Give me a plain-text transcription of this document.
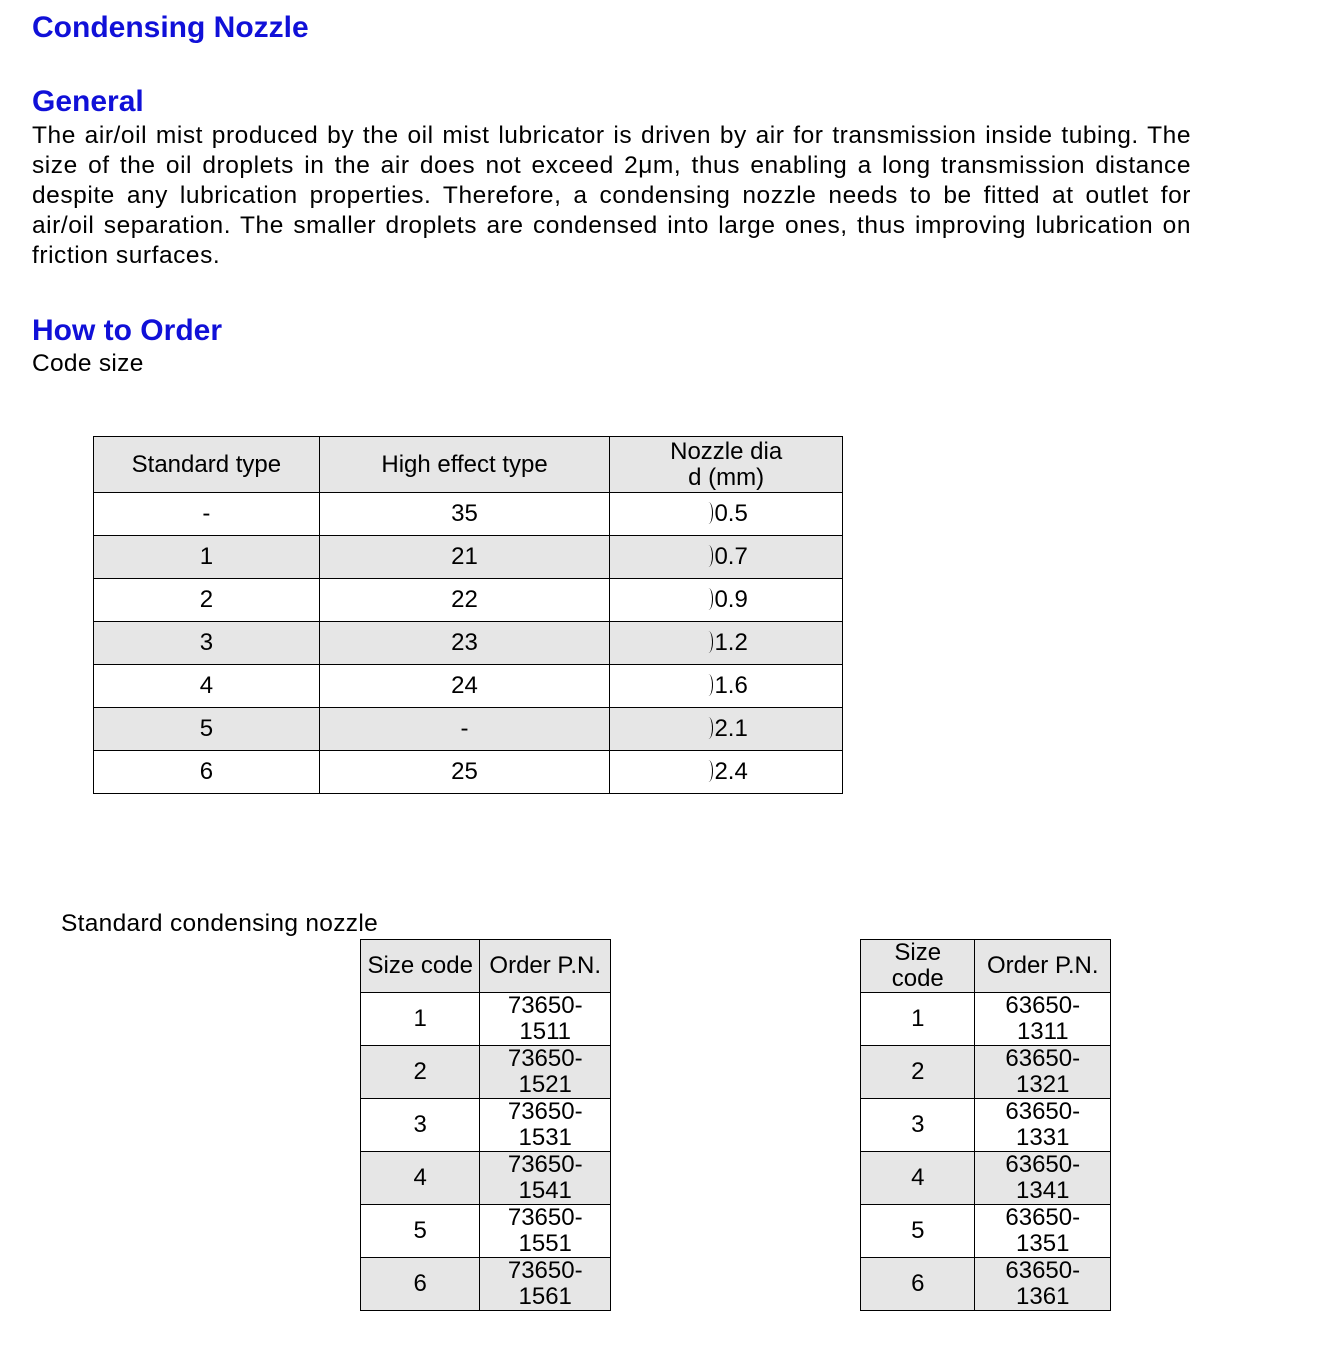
Condensing Nozzle
General

The air/oil mist produced by the oil mist lubricator is driven by air for transmission inside tubing. The size of the oil droplets in the air does not exceed 2μm, thus enabling a long transmission distance despite any lubrication properties. Therefore, a condensing nozzle needs to be fitted at outlet for air/oil separation. The smaller droplets are condensed into large ones, thus improving lubrication on friction surfaces.

How to Order
Code size
Standard type	High effect type	Nozzle dia
d (mm)
-	35	0.5
1	21	0.7
2	22	0.9
3	23	1.2
4	24	1.6
5	-	2.1
6	25	2.4
Standard condensing nozzle
Size code	Order P.N.
1	73650-
1511
2	73650-
1521
3	73650-
1531
4	73650-
1541
5	73650-
1551
6	73650-
1561
Size
code	Order P.N.
1	63650-
1311
2	63650-
1321
3	63650-
1331
4	63650-
1341
5	63650-
1351
6	63650-
1361
